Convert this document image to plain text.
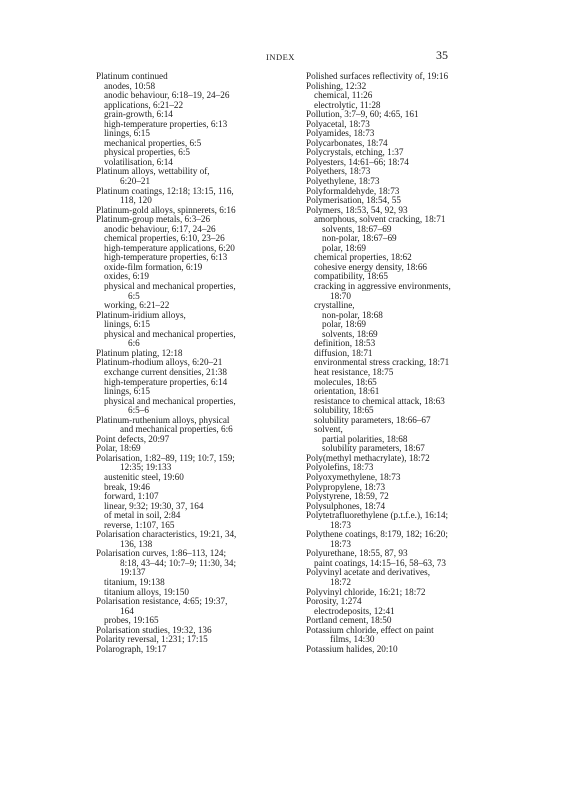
INDEX	35
Platinum continued
anodes, 10:58
anodic behaviour, 6:18–19, 24–26
applications, 6:21–22
grain-growth, 6:14
high-temperature properties, 6:13
linings, 6:15
mechanical properties, 6:5
physical properties, 6:5
volatilisation, 6:14
Platinum alloys, wettability of,
6:20–21
Platinum coatings, 12:18; 13:15, 116,
118, 120
Platinum-gold alloys, spinnerets, 6:16
Platinum-group metals, 6:3–26
anodic behaviour, 6:17, 24–26
chemical properties, 6:10, 23–26
high-temperature applications, 6:20
high-temperature properties, 6:13
oxide-film formation, 6:19
oxides, 6:19
physical and mechanical properties,
6:5
working, 6:21–22
Platinum-iridium alloys,
linings, 6:15
physical and mechanical properties,
6:6
Platinum plating, 12:18
Platinum-rhodium alloys, 6:20–21
exchange current densities, 21:38
high-temperature properties, 6:14
linings, 6:15
physical and mechanical properties,
6:5–6
Platinum-ruthenium alloys, physical
and mechanical properties, 6:6
Point defects, 20:97
Polar, 18:69
Polarisation, 1:82–89, 119; 10:7, 159;
12:35; 19:133
austenitic steel, 19:60
break, 19:46
forward, 1:107
linear, 9:32; 19:30, 37, 164
of metal in soil, 2:84
reverse, 1:107, 165
Polarisation characteristics, 19:21, 34,
136, 138
Polarisation curves, 1:86–113, 124;
8:18, 43–44; 10:7–9; 11:30, 34;
19:137
titanium, 19:138
titanium alloys, 19:150
Polarisation resistance, 4:65; 19:37,
164
probes, 19:165
Polarisation studies, 19:32, 136
Polarity reversal, 1:231; 17:15
Polarograph, 19:17
Polished surfaces reflectivity of, 19:16
Polishing, 12:32
chemical, 11:26
electrolytic, 11:28
Pollution, 3:7–9, 60; 4:65, 161
Polyacetal, 18:73
Polyamides, 18:73
Polycarbonates, 18:74
Polycrystals, etching, 1:37
Polyesters, 14:61–66; 18:74
Polyethers, 18:73
Polyethylene, 18:73
Polyformaldehyde, 18:73
Polymerisation, 18:54, 55
Polymers, 18:53, 54, 92, 93
amorphous, solvent cracking, 18:71
solvents, 18:67–69
non-polar, 18:67–69
polar, 18:69
chemical properties, 18:62
cohesive energy density, 18:66
compatibility, 18:65
cracking in aggressive environments,
18:70
crystalline,
non-polar, 18:68
polar, 18:69
solvents, 18:69
definition, 18:53
diffusion, 18:71
environmental stress cracking, 18:71
heat resistance, 18:75
molecules, 18:65
orientation, 18:61
resistance to chemical attack, 18:63
solubility, 18:65
solubility parameters, 18:66–67
solvent,
partial polarities, 18:68
solubility parameters, 18:67
Poly(methyl methacrylate), 18:72
Polyolefins, 18:73
Polyoxymethylene, 18:73
Polypropylene, 18:73
Polystyrene, 18:59, 72
Polysulphones, 18:74
Polytetrafluorethylene (p.t.f.e.), 16:14;
18:73
Polythene coatings, 8:179, 182; 16:20;
18:73
Polyurethane, 18:55, 87, 93
paint coatings, 14:15–16, 58–63, 73
Polyvinyl acetate and derivatives,
18:72
Polyvinyl chloride, 16:21; 18:72
Porosity, 1:274
electrodeposits, 12:41
Portland cement, 18:50
Potassium chloride, effect on paint
films, 14:30
Potassium halides, 20:10
